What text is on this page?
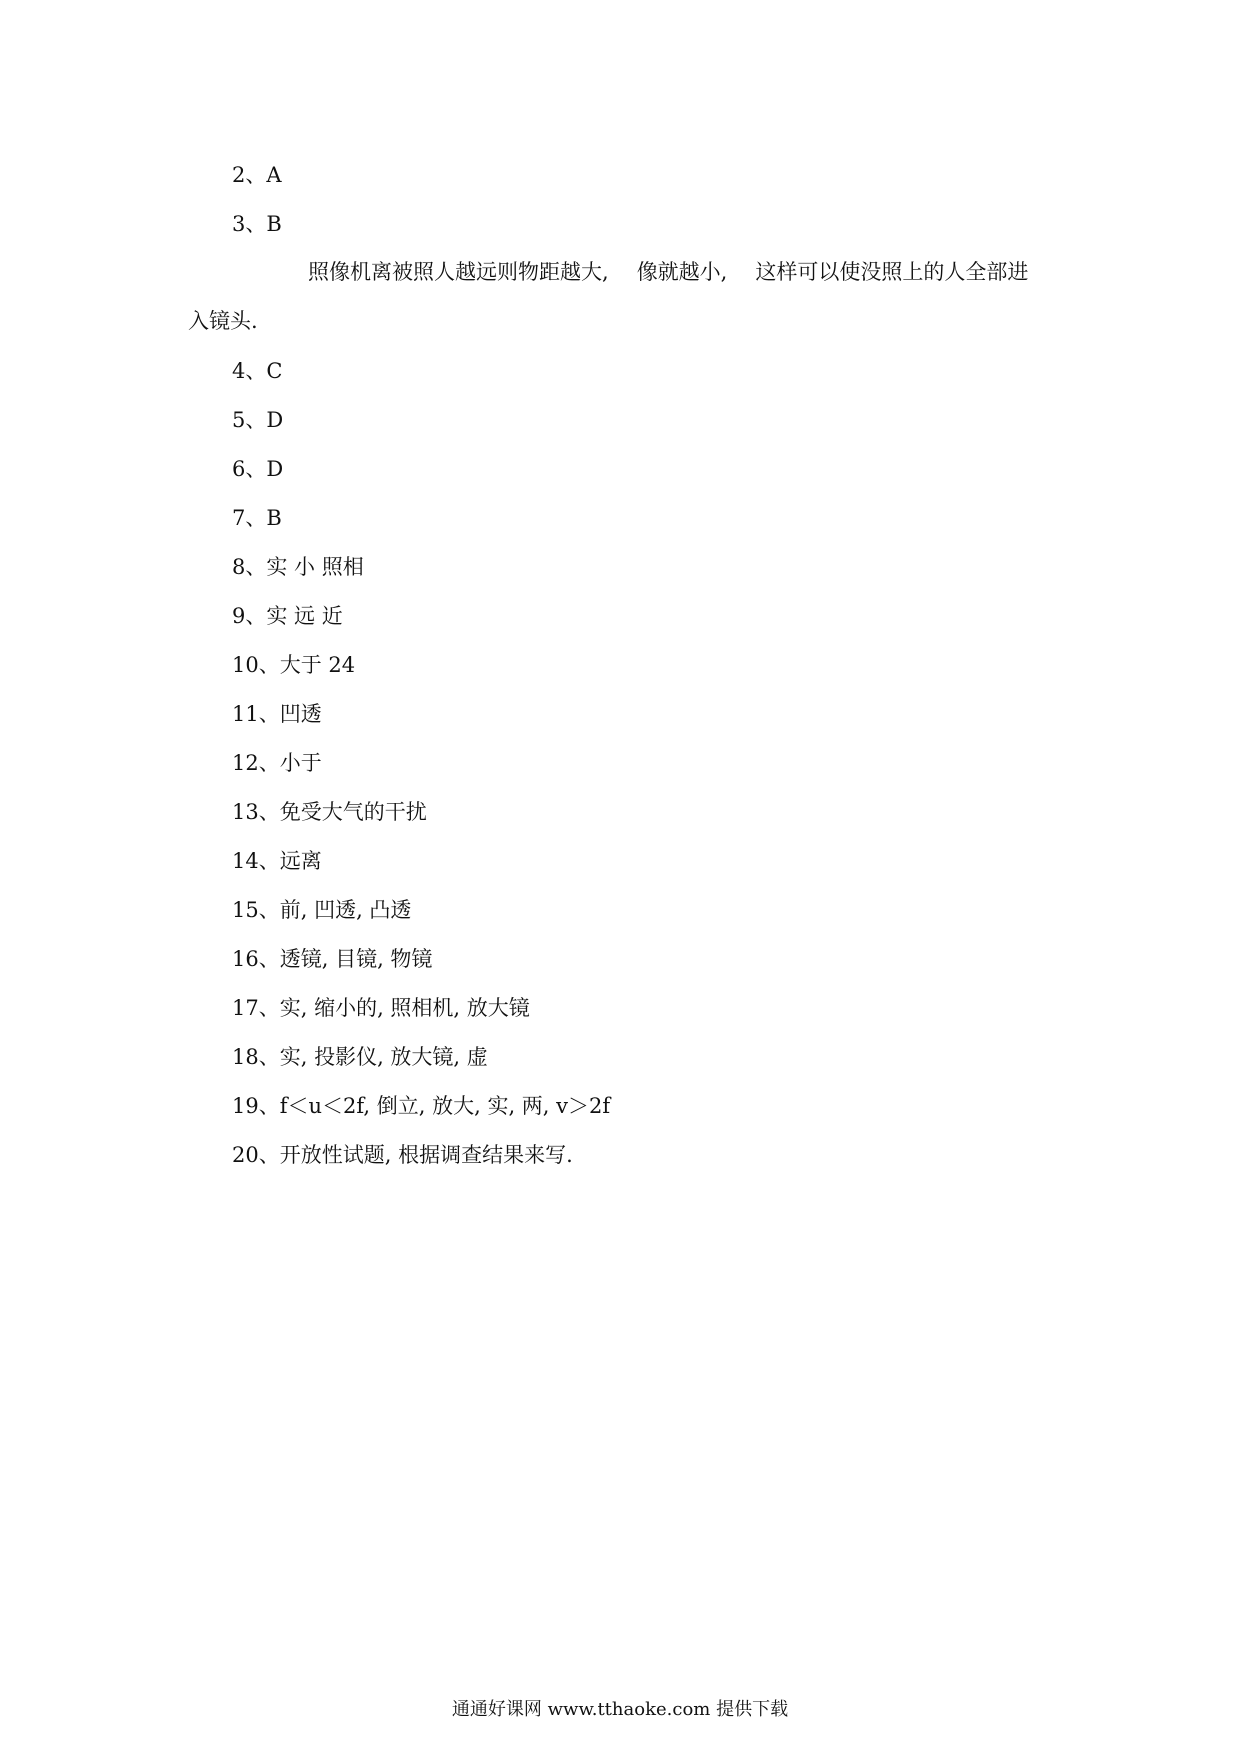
2、A
3、B

照像机离被照人越远则物距越大, 像就越小, 这样可以使没照上的人全部进
入镜头.

4、C
5、D
6、D
7、B
8、实 小 照相
9、实 远 近
10、大于 24
11、凹透
12、小于
13、免受大气的干扰
14、远离
15、前, 凹透, 凸透
16、透镜, 目镜, 物镜
17、实, 缩小的, 照相机, 放大镜
18、实, 投影仪, 放大镜, 虚
19、f＜u＜2f, 倒立, 放大, 实, 两, v＞2f
20、开放性试题, 根据调查结果来写.
通通好课网 www.tthaoke.com 提供下载
